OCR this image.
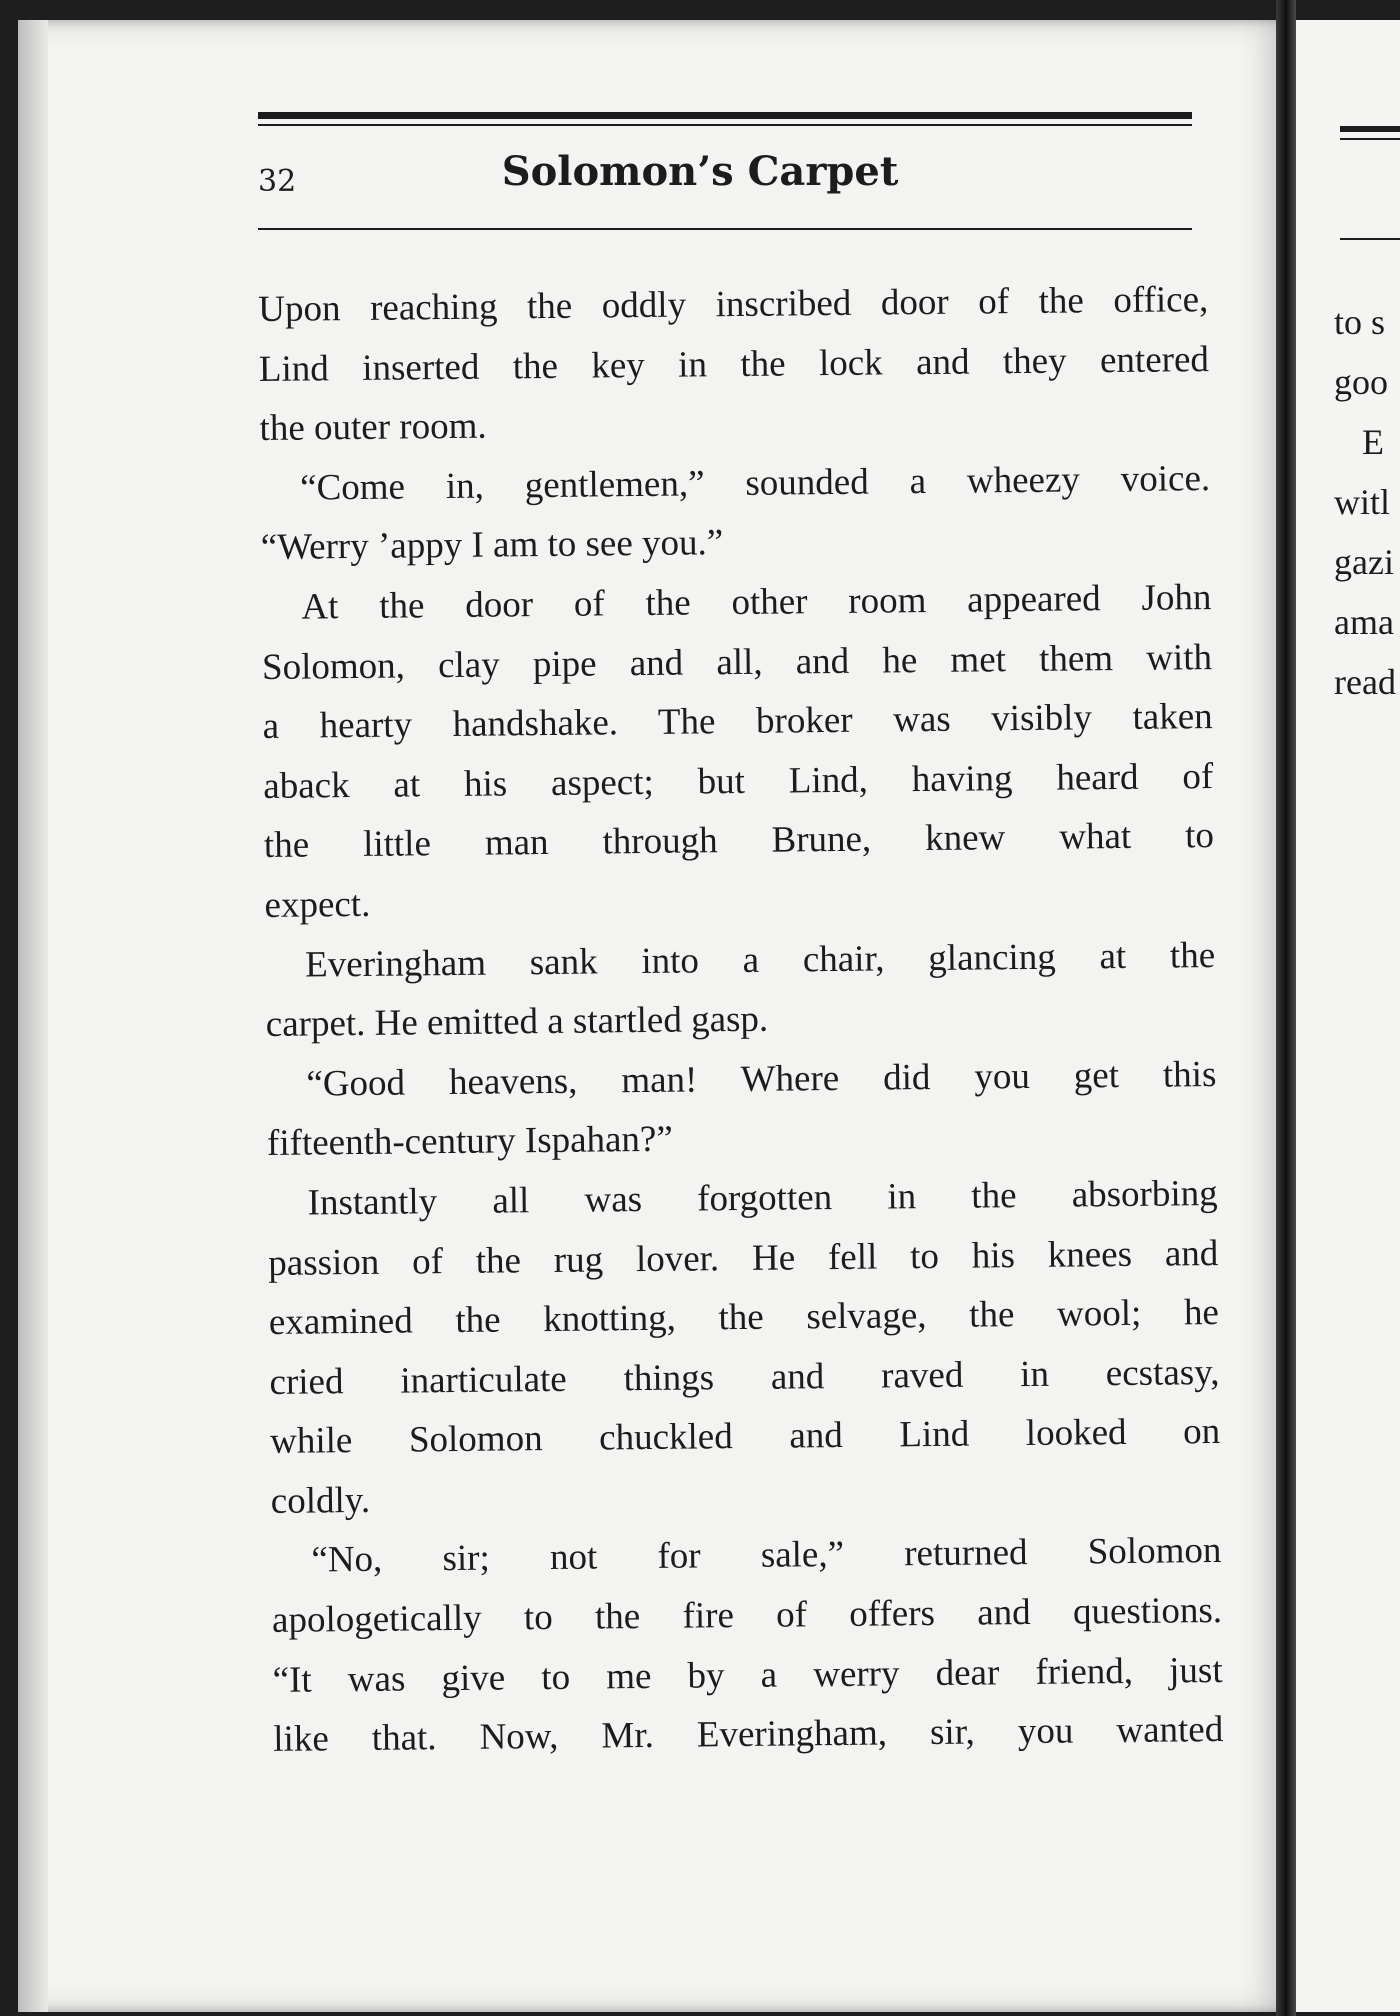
32	Solomon’s Carpet
Upon reaching the oddly inscribed door of the office,
Lind inserted the key in the lock and they entered
the outer room.
“Come in, gentlemen,” sounded a wheezy voice.
“Werry ’appy I am to see you.”
At the door of the other room appeared John
Solomon, clay pipe and all, and he met them with
a hearty handshake. The broker was visibly taken
aback at his aspect; but Lind, having heard of
the little man through Brune, knew what to
expect.
Everingham sank into a chair, glancing at the
carpet. He emitted a startled gasp.
“Good heavens, man! Where did you get this
fifteenth-century Ispahan?”
Instantly all was forgotten in the absorbing
passion of the rug lover. He fell to his knees and
examined the knotting, the selvage, the wool; he
cried inarticulate things and raved in ecstasy,
while Solomon chuckled and Lind looked on
coldly.
“No, sir; not for sale,” returned Solomon
apologetically to the fire of offers and questions.
“It was give to me by a werry dear friend, just
like that. Now, Mr. Everingham, sir, you wanted
to s
goo
E
witl
gazi
ama
read
